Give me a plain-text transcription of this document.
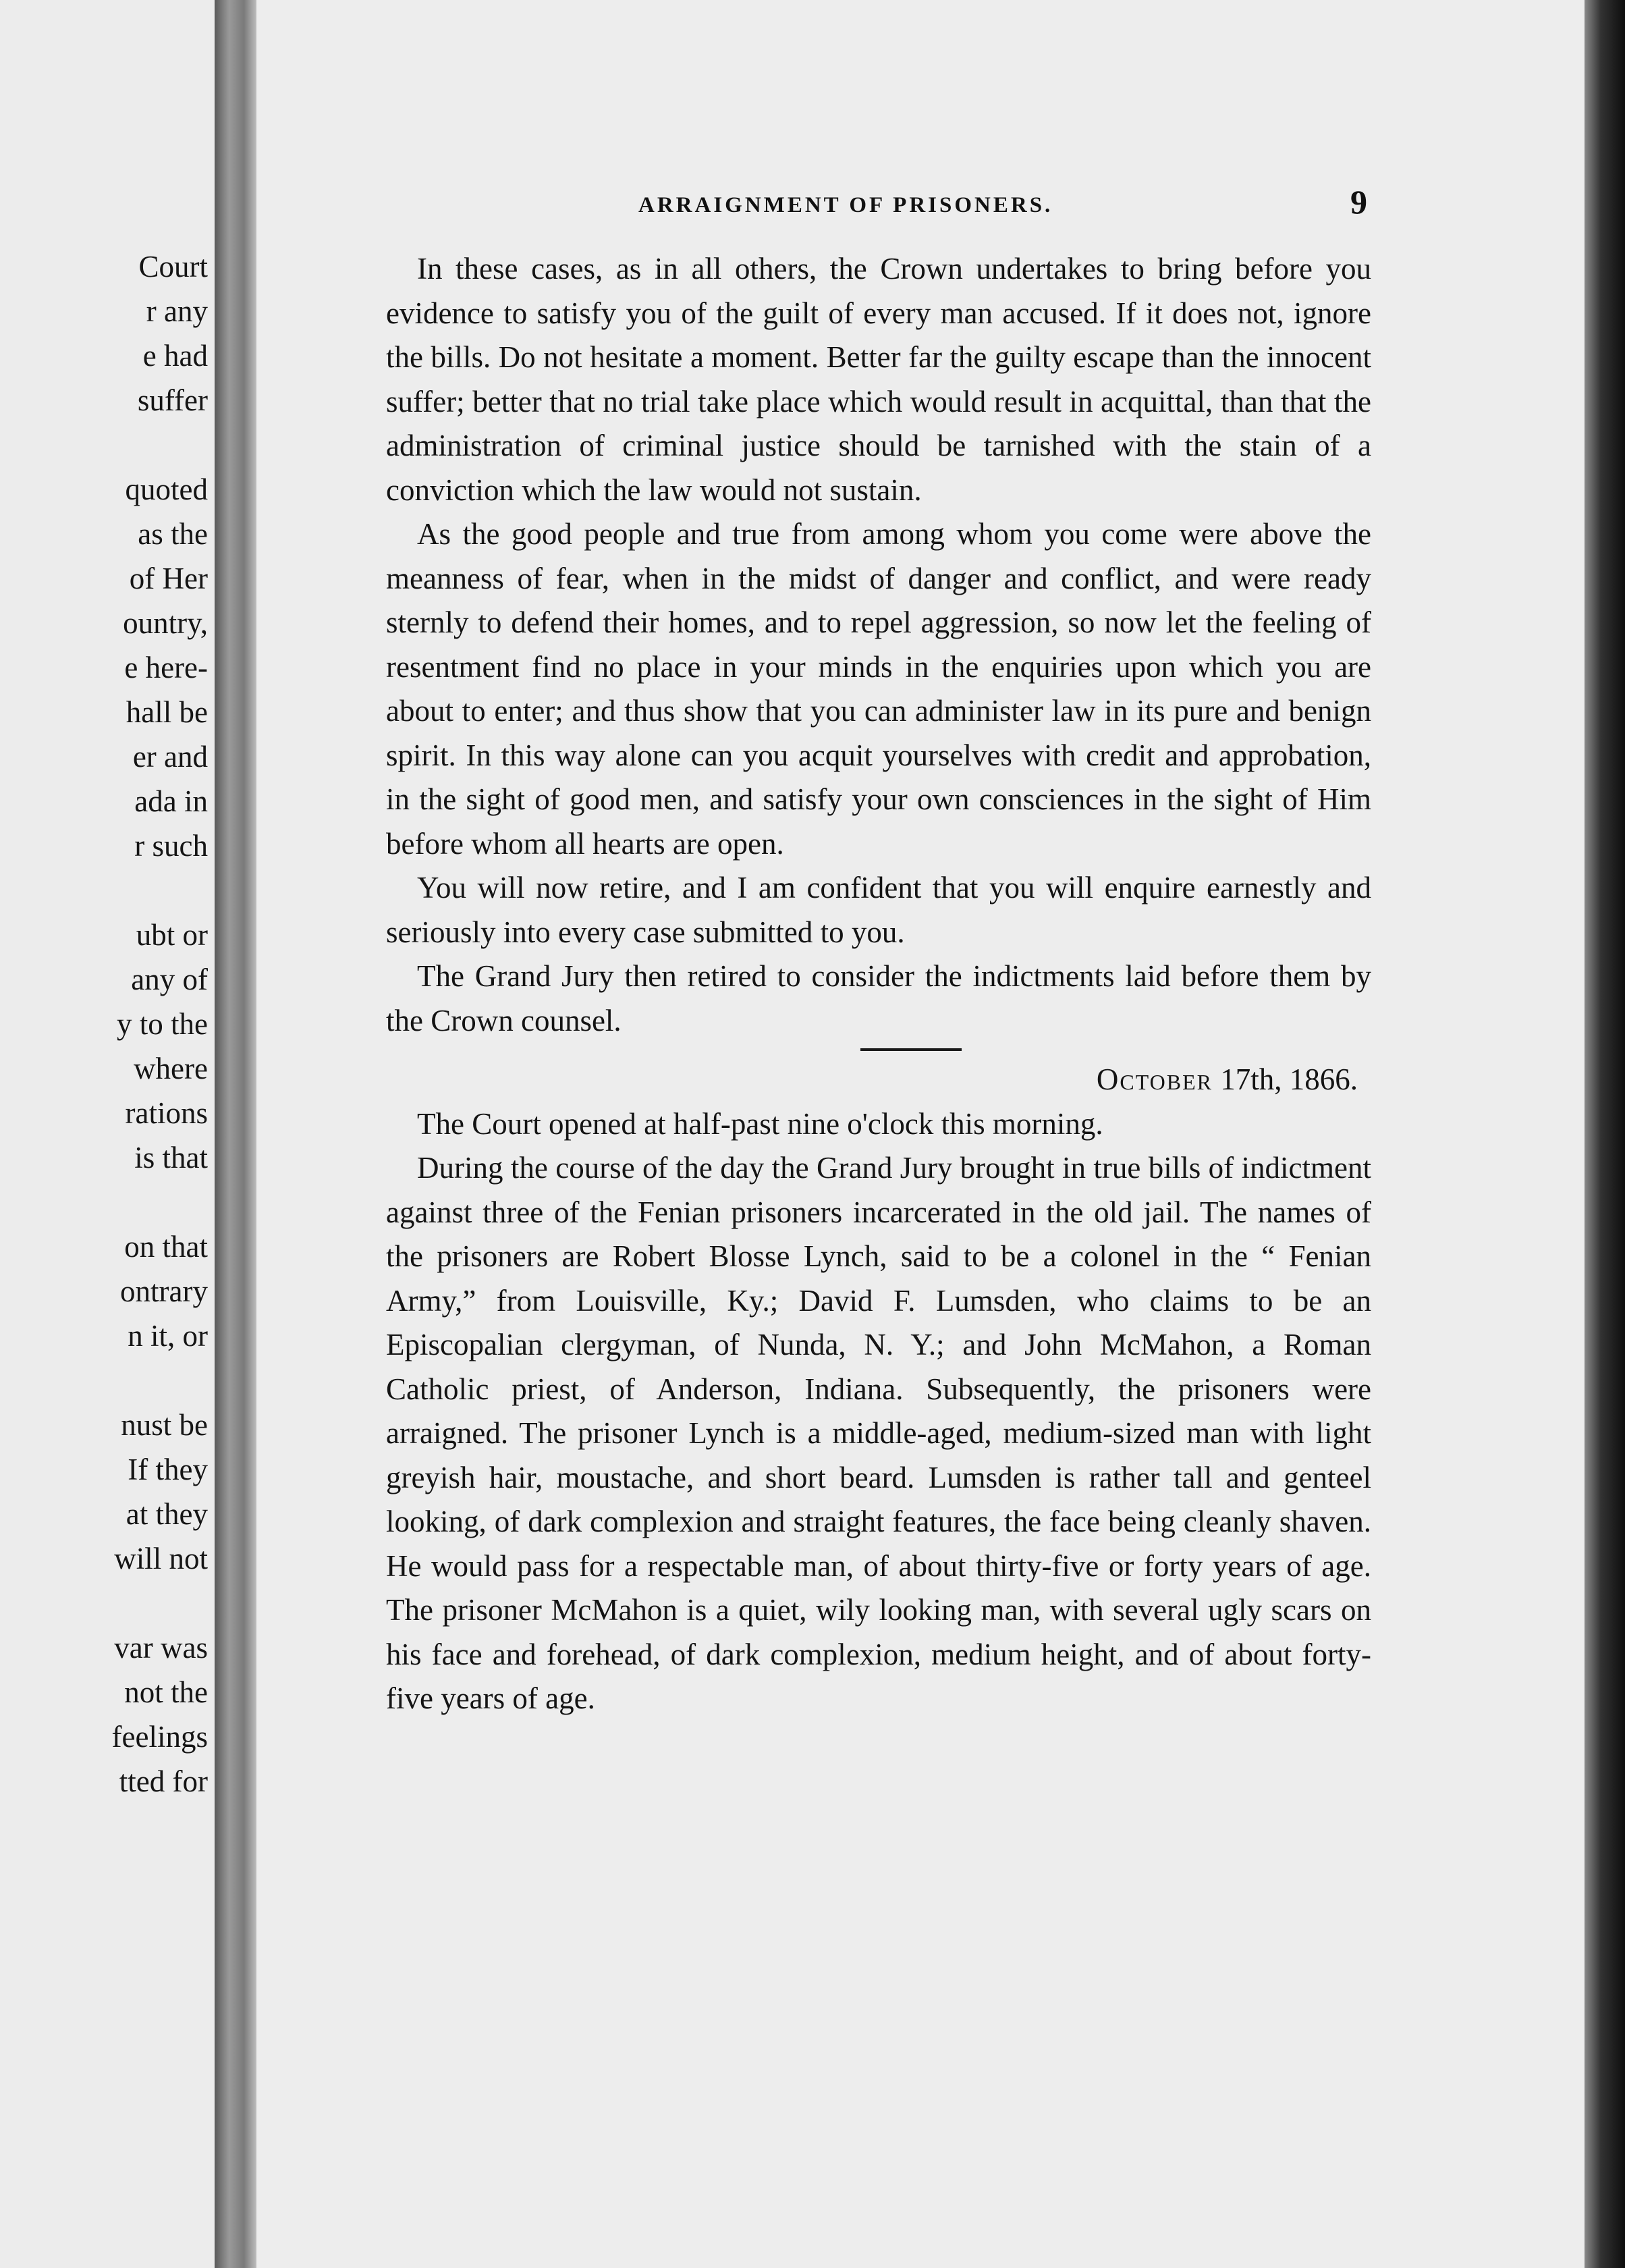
Court
r any
e had
suffer
quoted
as the
of Her
ountry,
e here-
hall be
er and
ada in
r such
ubt or
any of
y to the
where
rations
is that
on that
ontrary
n it, or
nust be
If they
at they
will not
var was
not the
feelings
tted for
ARRAIGNMENT OF PRISONERS.	9

In these cases, as in all others, the Crown undertakes to bring before you evidence to satisfy you of the guilt of every man accused. If it does not, ignore the bills. Do not hesitate a moment. Better far the guilty escape than the innocent suffer; better that no trial take place which would result in acquittal, than that the administration of criminal justice should be tarnished with the stain of a conviction which the law would not sustain.

As the good people and true from among whom you come were above the meanness of fear, when in the midst of danger and conflict, and were ready sternly to defend their homes, and to repel aggression, so now let the feeling of resentment find no place in your minds in the enquiries upon which you are about to enter; and thus show that you can administer law in its pure and benign spirit. In this way alone can you acquit yourselves with credit and approbation, in the sight of good men, and satisfy your own consciences in the sight of Him before whom all hearts are open.

You will now retire, and I am confident that you will enquire earnestly and seriously into every case submitted to you.

The Grand Jury then retired to consider the indictments laid before them by the Crown counsel.

October 17th, 1866.

The Court opened at half-past nine o'clock this morning.

During the course of the day the Grand Jury brought in true bills of indictment against three of the Fenian prisoners incarcerated in the old jail. The names of the prisoners are Robert Blosse Lynch, said to be a colonel in the “ Fenian Army,” from Louisville, Ky.; David F. Lumsden, who claims to be an Episcopalian clergyman, of Nunda, N. Y.; and John McMahon, a Roman Catholic priest, of Anderson, Indiana. Subsequently, the prisoners were arraigned. The prisoner Lynch is a middle-aged, medium-sized man with light greyish hair, moustache, and short beard. Lumsden is rather tall and genteel looking, of dark complexion and straight features, the face being cleanly shaven. He would pass for a respectable man, of about thirty-five or forty years of age. The prisoner McMahon is a quiet, wily looking man, with several ugly scars on his face and forehead, of dark complexion, medium height, and of about forty-five years of age.
